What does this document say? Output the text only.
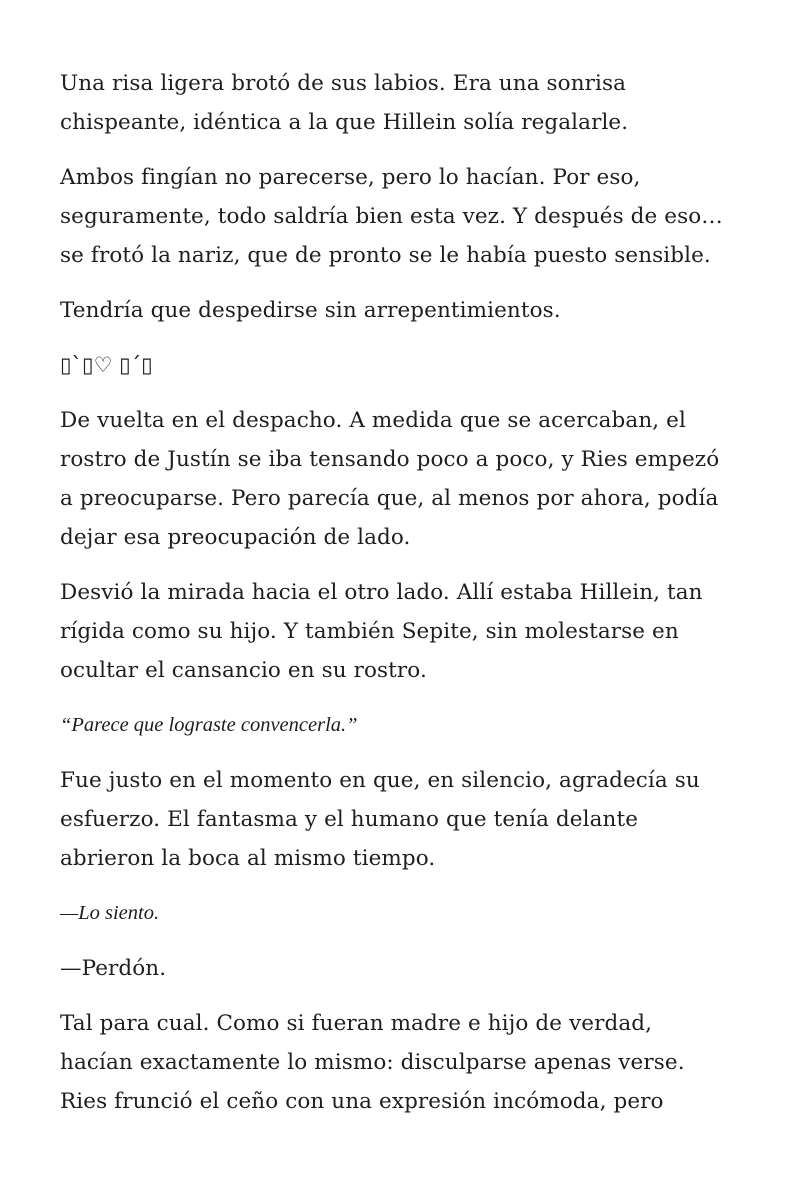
Una risa ligera brotó de sus labios. Era una sonrisa
chispeante, idéntica a la que Hillein solía regalarle.

Ambos fingían no parecerse, pero lo hacían. Por eso,
seguramente, todo saldría bien esta vez. Y después de eso…
se frotó la nariz, que de pronto se le había puesto sensible.

Tendría que despedirse sin arrepentimientos.

▯`▯♡ ▯´▯

De vuelta en el despacho. A medida que se acercaban, el
rostro de Justín se iba tensando poco a poco, y Ries empezó
a preocuparse. Pero parecía que, al menos por ahora, podía
dejar esa preocupación de lado.

Desvió la mirada hacia el otro lado. Allí estaba Hillein, tan
rígida como su hijo. Y también Sepite, sin molestarse en
ocultar el cansancio en su rostro.

“Parece que lograste convencerla.”

Fue justo en el momento en que, en silencio, agradecía su
esfuerzo. El fantasma y el humano que tenía delante
abrieron la boca al mismo tiempo.

—Lo siento.

—Perdón.

Tal para cual. Como si fueran madre e hijo de verdad,
hacían exactamente lo mismo: disculparse apenas verse.
Ries frunció el ceño con una expresión incómoda, pero
